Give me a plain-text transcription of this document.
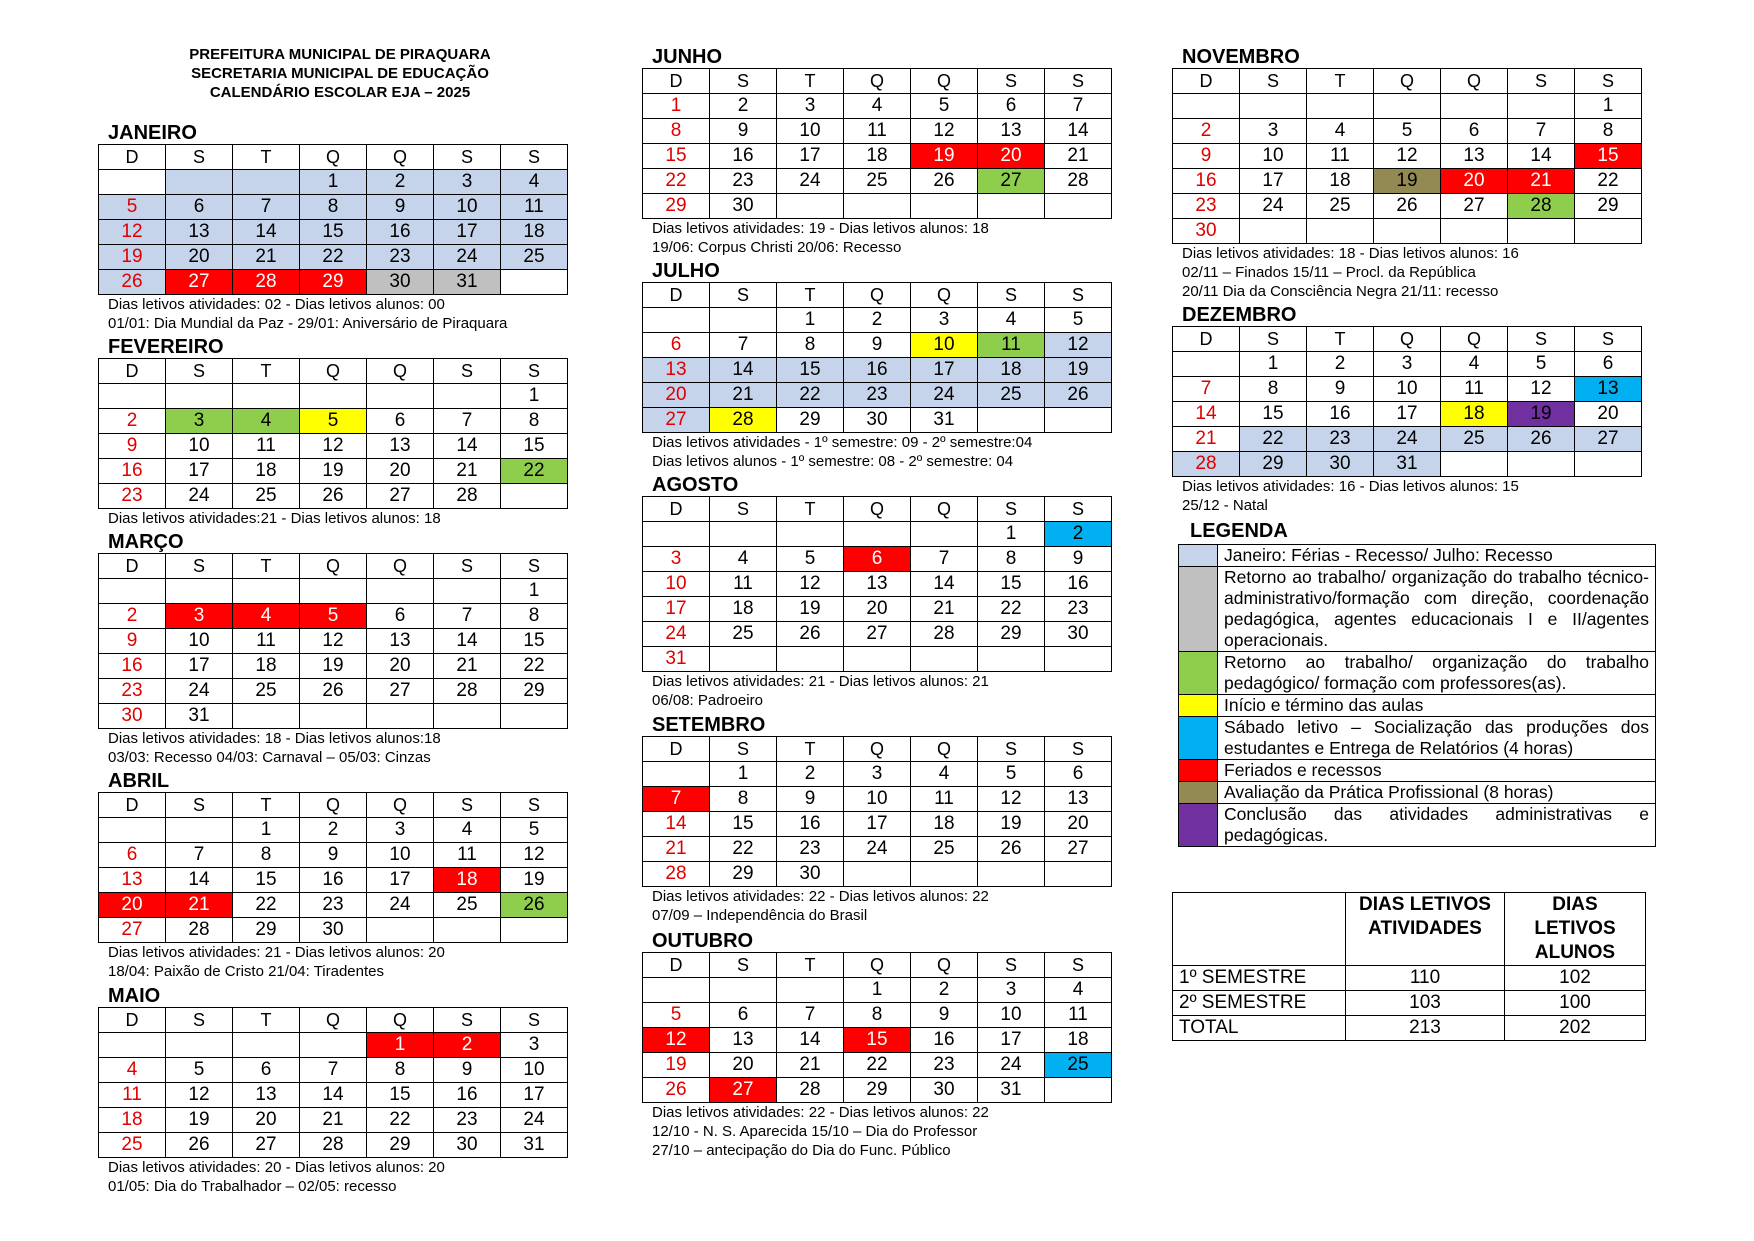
PREFEITURA MUNICIPAL DE PIRAQUARA
SECRETARIA MUNICIPAL DE EDUCAÇÃO
CALENDÁRIO ESCOLAR EJA – 2025
JANEIRO
D	S	T	Q	Q	S	S
			1	2	3	4
5	6	7	8	9	10	11
12	13	14	15	16	17	18
19	20	21	22	23	24	25
26	27	28	29	30	31	
Dias letivos atividades: 02 - Dias letivos alunos: 00
01/01: Dia Mundial da Paz - 29/01: Aniversário de Piraquara
FEVEREIRO
D	S	T	Q	Q	S	S
						1
2	3	4	5	6	7	8
9	10	11	12	13	14	15
16	17	18	19	20	21	22
23	24	25	26	27	28	
Dias letivos atividades:21 - Dias letivos alunos: 18
MARÇO
D	S	T	Q	Q	S	S
						1
2	3	4	5	6	7	8
9	10	11	12	13	14	15
16	17	18	19	20	21	22
23	24	25	26	27	28	29
30	31					
Dias letivos atividades: 18 - Dias letivos alunos:18
03/03: Recesso 04/03: Carnaval – 05/03: Cinzas
ABRIL
D	S	T	Q	Q	S	S
		1	2	3	4	5
6	7	8	9	10	11	12
13	14	15	16	17	18	19
20	21	22	23	24	25	26
27	28	29	30			
Dias letivos atividades: 21 - Dias letivos alunos: 20
18/04: Paixão de Cristo 21/04: Tiradentes
MAIO
D	S	T	Q	Q	S	S
				1	2	3
4	5	6	7	8	9	10
11	12	13	14	15	16	17
18	19	20	21	22	23	24
25	26	27	28	29	30	31
Dias letivos atividades: 20 - Dias letivos alunos: 20
01/05: Dia do Trabalhador – 02/05: recesso
JUNHO
D	S	T	Q	Q	S	S
1	2	3	4	5	6	7
8	9	10	11	12	13	14
15	16	17	18	19	20	21
22	23	24	25	26	27	28
29	30					
Dias letivos atividades: 19 - Dias letivos alunos: 18
19/06: Corpus Christi 20/06: Recesso
JULHO
D	S	T	Q	Q	S	S
		1	2	3	4	5
6	7	8	9	10	11	12
13	14	15	16	17	18	19
20	21	22	23	24	25	26
27	28	29	30	31		
Dias letivos atividades - 1º semestre: 09 - 2º semestre:04
Dias letivos alunos - 1º semestre: 08 - 2º semestre: 04
AGOSTO
D	S	T	Q	Q	S	S
					1	2
3	4	5	6	7	8	9
10	11	12	13	14	15	16
17	18	19	20	21	22	23
24	25	26	27	28	29	30
31						
Dias letivos atividades: 21 - Dias letivos alunos: 21
06/08: Padroeiro
SETEMBRO
D	S	T	Q	Q	S	S
	1	2	3	4	5	6
7	8	9	10	11	12	13
14	15	16	17	18	19	20
21	22	23	24	25	26	27
28	29	30				
Dias letivos atividades: 22 - Dias letivos alunos: 22
07/09 – Independência do Brasil
OUTUBRO
D	S	T	Q	Q	S	S
			1	2	3	4
5	6	7	8	9	10	11
12	13	14	15	16	17	18
19	20	21	22	23	24	25
26	27	28	29	30	31	
Dias letivos atividades: 22 - Dias letivos alunos: 22
12/10 - N. S. Aparecida 15/10 – Dia do Professor
27/10 – antecipação do Dia do Func. Público
NOVEMBRO
D	S	T	Q	Q	S	S
						1
2	3	4	5	6	7	8
9	10	11	12	13	14	15
16	17	18	19	20	21	22
23	24	25	26	27	28	29
30						
Dias letivos atividades: 18 - Dias letivos alunos: 16
02/11 – Finados 15/11 – Procl. da República
20/11 Dia da Consciência Negra 21/11: recesso
DEZEMBRO
D	S	T	Q	Q	S	S
	1	2	3	4	5	6
7	8	9	10	11	12	13
14	15	16	17	18	19	20
21	22	23	24	25	26	27
28	29	30	31			
Dias letivos atividades: 16 - Dias letivos alunos: 15
25/12 - Natal
LEGENDA
	Janeiro: Férias - Recesso/ Julho: Recesso
	Retorno ao trabalho/ organização do trabalho técnico-administrativo/formação com direção, coordenação pedagógica, agentes educacionais I e II/agentes operacionais.
	Retorno ao trabalho/ organização do trabalho pedagógico/ formação com professores(as).
	Início e término das aulas
	Sábado letivo – Socialização das produções dos estudantes e Entrega de Relatórios (4 horas)
	Feriados e recessos
	Avaliação da Prática Profissional (8 horas)
	Conclusão das atividades administrativas e pedagógicas.
	DIAS LETIVOS ATIVIDADES	DIAS LETIVOS ALUNOS
1º SEMESTRE	110	102
2º SEMESTRE	103	100
TOTAL	213	202
